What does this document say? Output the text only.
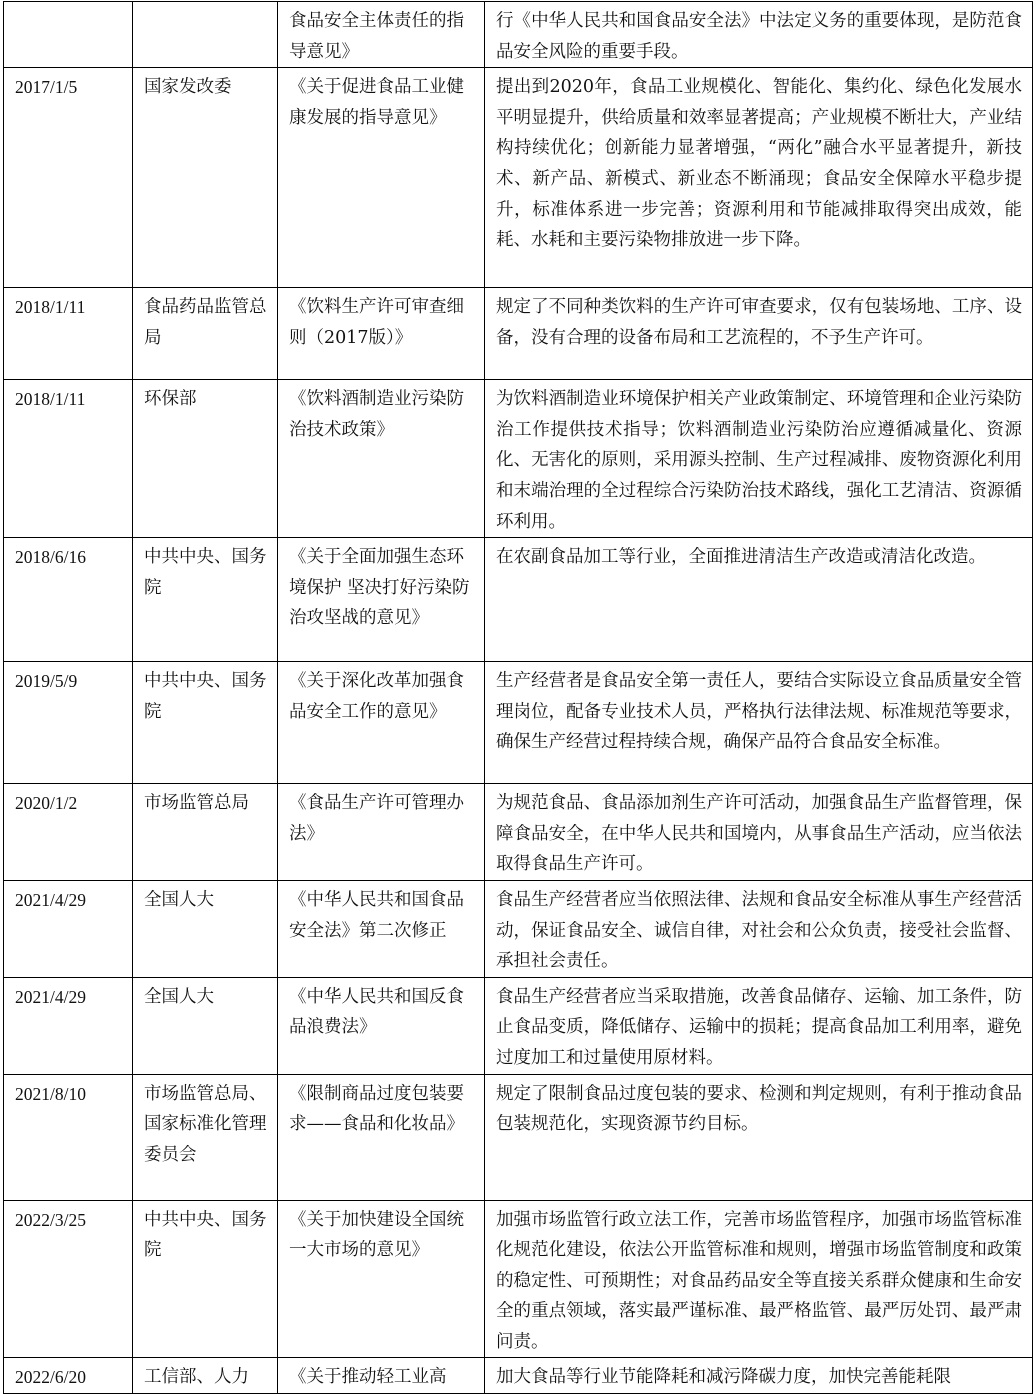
		食品安全主体责任的指导意见》	行《中华人民共和国食品安全法》中法定义务的重要体现，是防范食品安全风险的重要手段。
2017/1/5	国家发改委	《关于促进食品工业健康发展的指导意见》	提出到2020年，食品工业规模化、智能化、集约化、绿色化发展水平明显提升，供给质量和效率显著提高；产业规模不断壮大，产业结构持续优化；创新能力显著增强，“两化”融合水平显著提升，新技术、新产品、新模式、新业态不断涌现；食品安全保障水平稳步提升，标准体系进一步完善；资源利用和节能减排取得突出成效，能耗、水耗和主要污染物排放进一步下降。
2018/1/11	食品药品监管总局	《饮料生产许可审查细则（2017版）》	规定了不同种类饮料的生产许可审查要求，仅有包装场地、工序、设备，没有合理的设备布局和工艺流程的，不予生产许可。
2018/1/11	环保部	《饮料酒制造业污染防治技术政策》	为饮料酒制造业环境保护相关产业政策制定、环境管理和企业污染防治工作提供技术指导；饮料酒制造业污染防治应遵循减量化、资源化、无害化的原则，采用源头控制、生产过程减排、废物资源化利用和末端治理的全过程综合污染防治技术路线，强化工艺清洁、资源循环利用。
2018/6/16	中共中央、国务院	《关于全面加强生态环境保护 坚决打好污染防治攻坚战的意见》	在农副食品加工等行业，全面推进清洁生产改造或清洁化改造。
2019/5/9	中共中央、国务院	《关于深化改革加强食品安全工作的意见》	生产经营者是食品安全第一责任人，要结合实际设立食品质量安全管理岗位，配备专业技术人员，严格执行法律法规、标准规范等要求，确保生产经营过程持续合规，确保产品符合食品安全标准。
2020/1/2	市场监管总局	《食品生产许可管理办法》	为规范食品、食品添加剂生产许可活动，加强食品生产监督管理，保障食品安全，在中华人民共和国境内，从事食品生产活动，应当依法取得食品生产许可。
2021/4/29	全国人大	《中华人民共和国食品安全法》第二次修正	食品生产经营者应当依照法律、法规和食品安全标准从事生产经营活动，保证食品安全、诚信自律，对社会和公众负责，接受社会监督、承担社会责任。
2021/4/29	全国人大	《中华人民共和国反食品浪费法》	食品生产经营者应当采取措施，改善食品储存、运输、加工条件，防止食品变质，降低储存、运输中的损耗；提高食品加工利用率，避免过度加工和过量使用原材料。
2021/8/10	市场监管总局、国家标准化管理委员会	《限制商品过度包装要求——食品和化妆品》	规定了限制食品过度包装的要求、检测和判定规则，有利于推动食品包装规范化，实现资源节约目标。
2022/3/25	中共中央、国务院	《关于加快建设全国统一大市场的意见》	加强市场监管行政立法工作，完善市场监管程序，加强市场监管标准化规范化建设，依法公开监管标准和规则，增强市场监管制度和政策的稳定性、可预期性；对食品药品安全等直接关系群众健康和生命安全的重点领域，落实最严谨标准、最严格监管、最严厉处罚、最严肃问责。
2022/6/20	工信部、人力	《关于推动轻工业高	加大食品等行业节能降耗和减污降碳力度，加快完善能耗限
